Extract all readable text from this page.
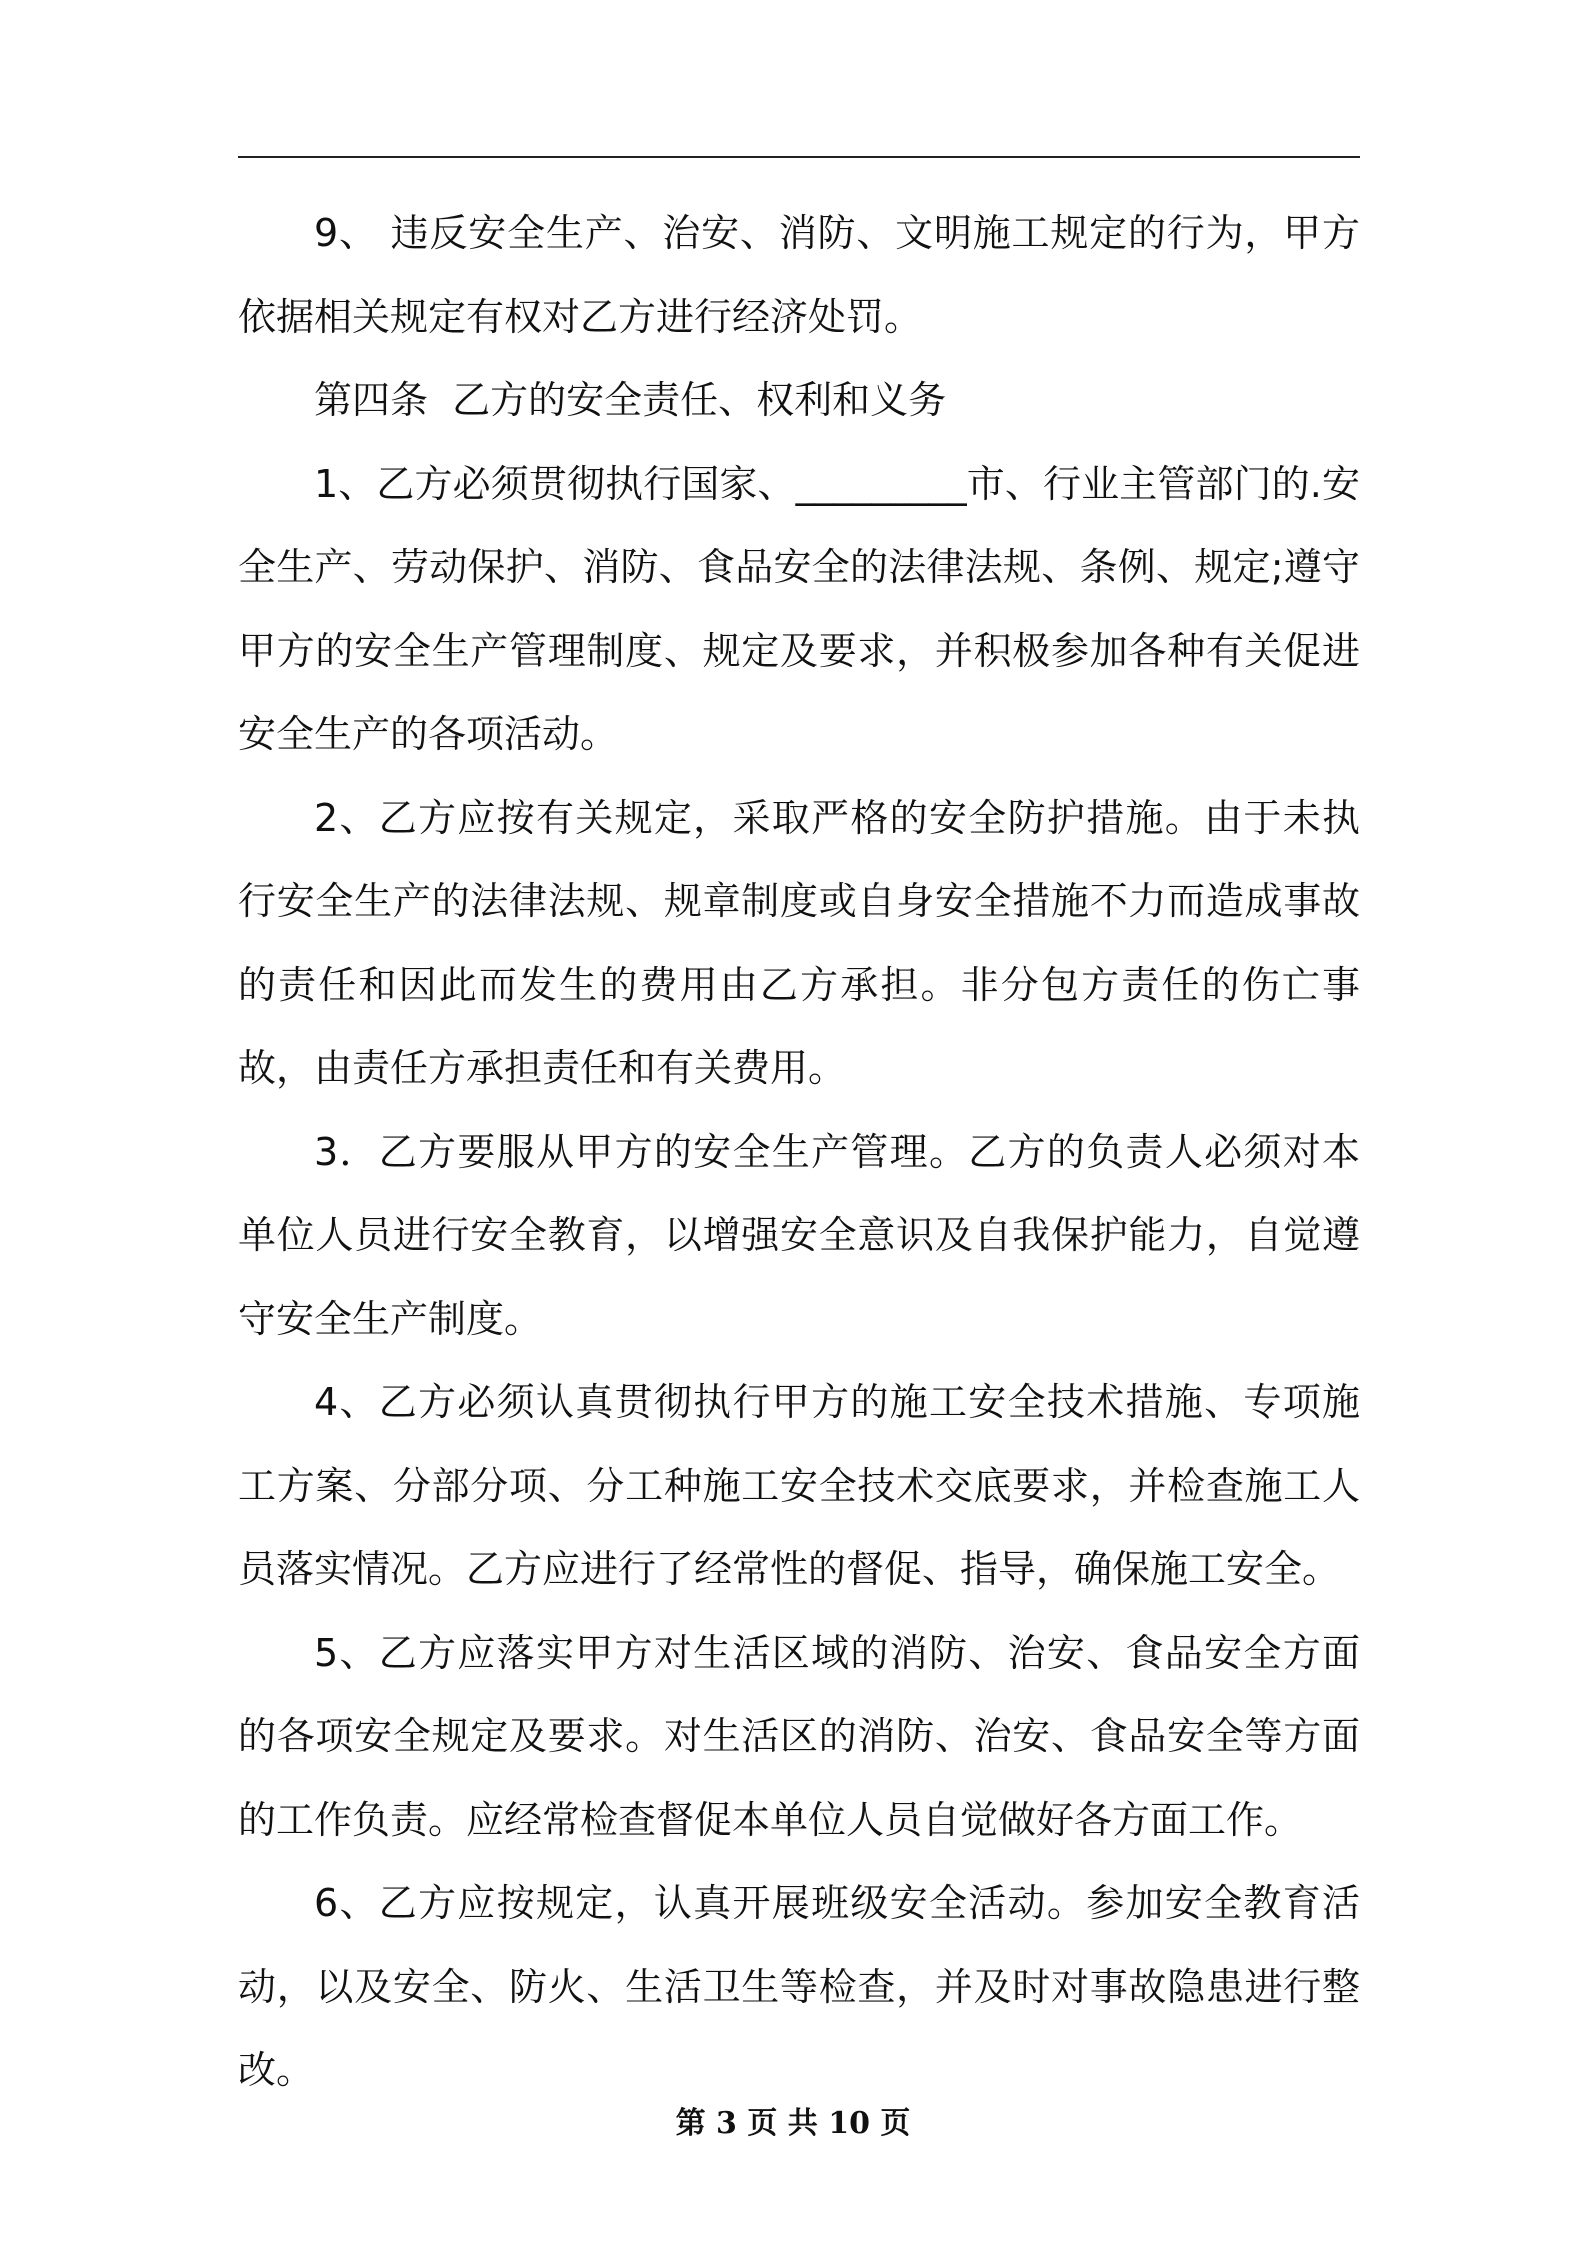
9、 违反安全生产、治安、消防、文明施工规定的行为，甲方依据相关规定有权对乙方进行经济处罚。

第四条  乙方的安全责任、权利和义务

1、乙方必须贯彻执行国家、_________市、行业主管部门的.安全生产、劳动保护、消防、食品安全的法律法规、条例、规定;遵守甲方的安全生产管理制度、规定及要求，并积极参加各种有关促进安全生产的各项活动。

2、乙方应按有关规定，采取严格的安全防护措施。由于未执行安全生产的法律法规、规章制度或自身安全措施不力而造成事故的责任和因此而发生的费用由乙方承担。非分包方责任的伤亡事故，由责任方承担责任和有关费用。

3．乙方要服从甲方的安全生产管理。乙方的负责人必须对本单位人员进行安全教育，以增强安全意识及自我保护能力，自觉遵守安全生产制度。

4、乙方必须认真贯彻执行甲方的施工安全技术措施、专项施工方案、分部分项、分工种施工安全技术交底要求，并检查施工人员落实情况。乙方应进行了经常性的督促、指导，确保施工安全。

5、乙方应落实甲方对生活区域的消防、治安、食品安全方面的各项安全规定及要求。对生活区的消防、治安、食品安全等方面的工作负责。应经常检查督促本单位人员自觉做好各方面工作。

6、乙方应按规定，认真开展班级安全活动。参加安全教育活动，以及安全、防火、生活卫生等检查，并及时对事故隐患进行整改。

第 3 页 共 10 页
